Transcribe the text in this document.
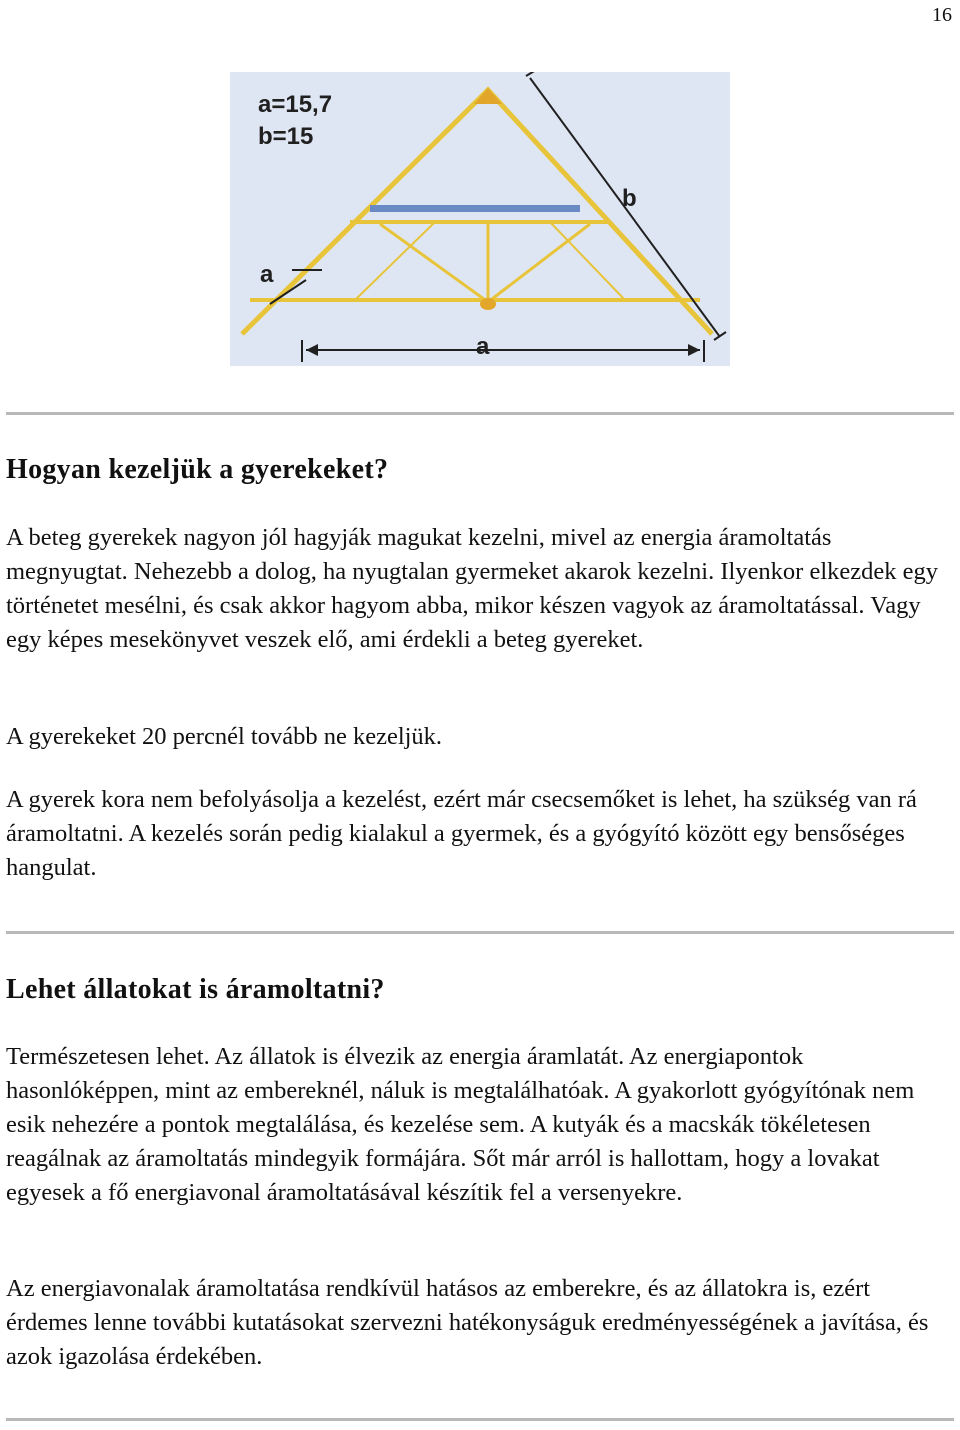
16
b
a
a
a=15,7
b=15
Hogyan kezeljük a gyerekeket?

A beteg gyerekek nagyon jól hagyják magukat kezelni, mivel az energia áramoltatás megnyugtat. Nehezebb a dolog, ha nyugtalan gyermeket akarok kezelni. Ilyenkor elkezdek egy történetet mesélni, és csak akkor hagyom abba, mikor készen vagyok az áramoltatással. Vagy egy képes mesekönyvet veszek elő, ami érdekli a beteg gyereket.

A gyerekeket 20 percnél tovább ne kezeljük.

A gyerek kora nem befolyásolja a kezelést, ezért már csecsemőket is lehet, ha szükség van rá áramoltatni. A kezelés során pedig kialakul a gyermek, és a gyógyító között egy bensőséges hangulat.

Lehet állatokat is áramoltatni?

Természetesen lehet. Az állatok is élvezik az energia áramlatát. Az energiapontok hasonlóképpen, mint az embereknél, náluk is megtalálhatóak. A gyakorlott gyógyítónak nem esik nehezére a pontok megtalálása, és kezelése sem. A kutyák és a macskák tökéletesen reagálnak az áramoltatás mindegyik formájára. Sőt már arról is hallottam, hogy a lovakat egyesek a fő energiavonal áramoltatásával készítik fel a versenyekre.

Az energiavonalak áramoltatása rendkívül hatásos az emberekre, és az állatokra is, ezért érdemes lenne további kutatásokat szervezni hatékonyságuk eredményességének a javítása, és azok igazolása érdekében.
